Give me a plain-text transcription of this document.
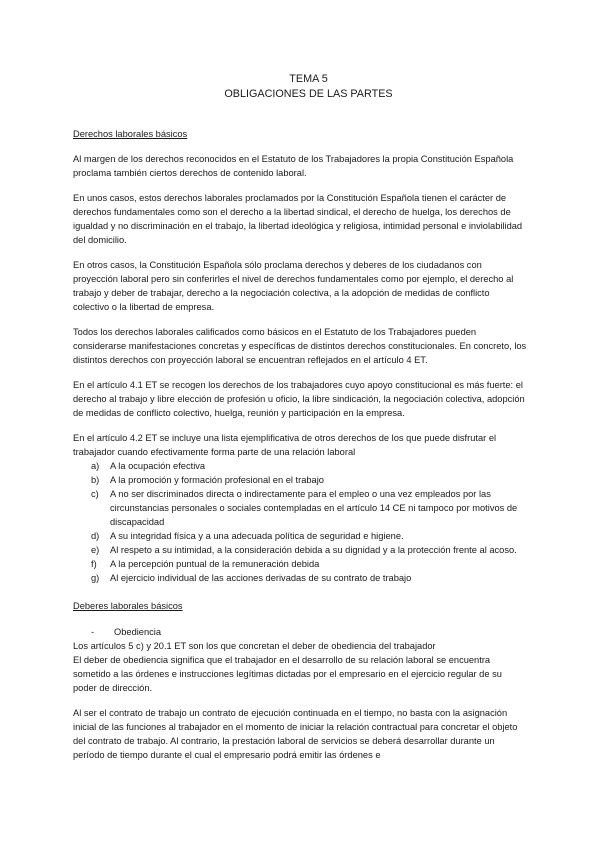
TEMA 5
OBLIGACIONES DE LAS PARTES
Derechos laborales básicos

Al margen de los derechos reconocidos en el Estatuto de los Trabajadores la propia Constitución Española proclama también ciertos derechos de contenido laboral.

En unos casos, estos derechos laborales proclamados por la Constitución Española tienen el carácter de derechos fundamentales como son el derecho a la libertad sindical, el derecho de huelga, los derechos de igualdad y no discriminación en el trabajo, la libertad ideológica y religiosa, intimidad personal e inviolabilidad del domicilio.

En otros casos, la Constitución Española sólo proclama derechos y deberes de los ciudadanos con proyección laboral pero sin conferirles el nivel de derechos fundamentales como por ejemplo, el derecho al trabajo y deber de trabajar, derecho a la negociación colectiva, a la adopción de medidas de conflicto colectivo o la libertad de empresa.

Todos los derechos laborales calificados como básicos en el Estatuto de los Trabajadores pueden considerarse manifestaciones concretas y específicas de distintos derechos constitucionales. En concreto, los distintos derechos con proyección laboral se encuentran reflejados en el artículo 4 ET.

En el artículo 4.1 ET se recogen los derechos de los trabajadores cuyo apoyo constitucional es más fuerte: el derecho al trabajo y libre elección de profesión u oficio, la libre sindicación, la negociación colectiva, adopción de medidas de conflicto colectivo, huelga, reunión y participación en la empresa.

En el artículo 4.2 ET se incluye una lista ejemplificativa de otros derechos de los que puede disfrutar el trabajador cuando efectivamente forma parte de una relación laboral

a)	A la ocupación efectiva
b)	A la promoción y formación profesional en el trabajo
c)	A no ser discriminados directa o indirectamente para el empleo o una vez empleados por las circunstancias personales o sociales contempladas en el artículo 14 CE ni tampoco por motivos de discapacidad
d)	A su integridad física y a una adecuada política de seguridad e higiene.
e)	Al respeto a su intimidad, a la consideración debida a su dignidad y a la protección frente al acoso.
f)	A la percepción puntual de la remuneración debida
g)	Al ejercicio individual de las acciones derivadas de su contrato de trabajo
Deberes laborales básicos
-	Obediencia
Los artículos 5 c) y 20.1 ET son los que concretan el deber de obediencia del trabajador

El deber de obediencia significa que el trabajador en el desarrollo de su relación laboral se encuentra sometido a las órdenes e instrucciones legítimas dictadas por el empresario en el ejercicio regular de su poder de dirección.

Al ser el contrato de trabajo un contrato de ejecución continuada en el tiempo, no basta con la asignación inicial de las funciones al trabajador en el momento de iniciar la relación contractual para concretar el objeto del contrato de trabajo. Al contrario, la prestación laboral de servicios se deberá desarrollar durante un período de tiempo durante el cual el empresario podrá emitir las órdenes e
